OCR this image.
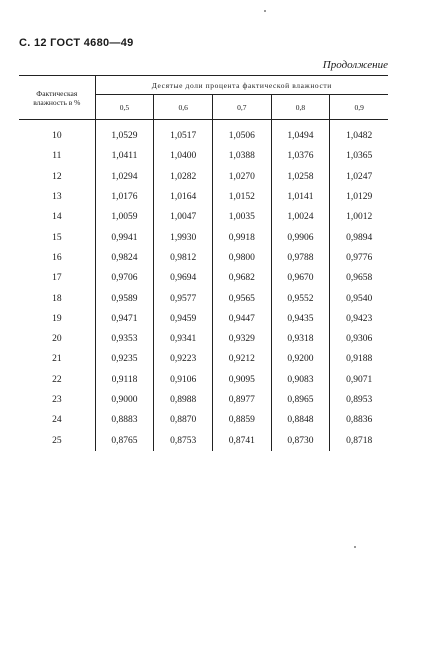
С. 12 ГОСТ 4680—49
Продолжение
Фактическая влажность в %	Десятые доли процента фактической влажности				
	0,5	0,6	0,7	0,8	0,9

10	1,0529	1,0517	1,0506	1,0494	1,0482
11	1,0411	1,0400	1,0388	1,0376	1,0365
12	1,0294	1,0282	1,0270	1,0258	1,0247
13	1,0176	1,0164	1,0152	1,0141	1,0129
14	1,0059	1,0047	1,0035	1,0024	1,0012
15	0,9941	1,9930	0,9918	0,9906	0,9894
16	0,9824	0,9812	0,9800	0,9788	0,9776
17	0,9706	0,9694	0,9682	0,9670	0,9658
18	0,9589	0,9577	0,9565	0,9552	0,9540
19	0,9471	0,9459	0,9447	0,9435	0,9423
20	0,9353	0,9341	0,9329	0,9318	0,9306
21	0,9235	0,9223	0,9212	0,9200	0,9188
22	0,9118	0,9106	0,9095	0,9083	0,9071
23	0,9000	0,8988	0,8977	0,8965	0,8953
24	0,8883	0,8870	0,8859	0,8848	0,8836
25	0,8765	0,8753	0,8741	0,8730	0,8718
